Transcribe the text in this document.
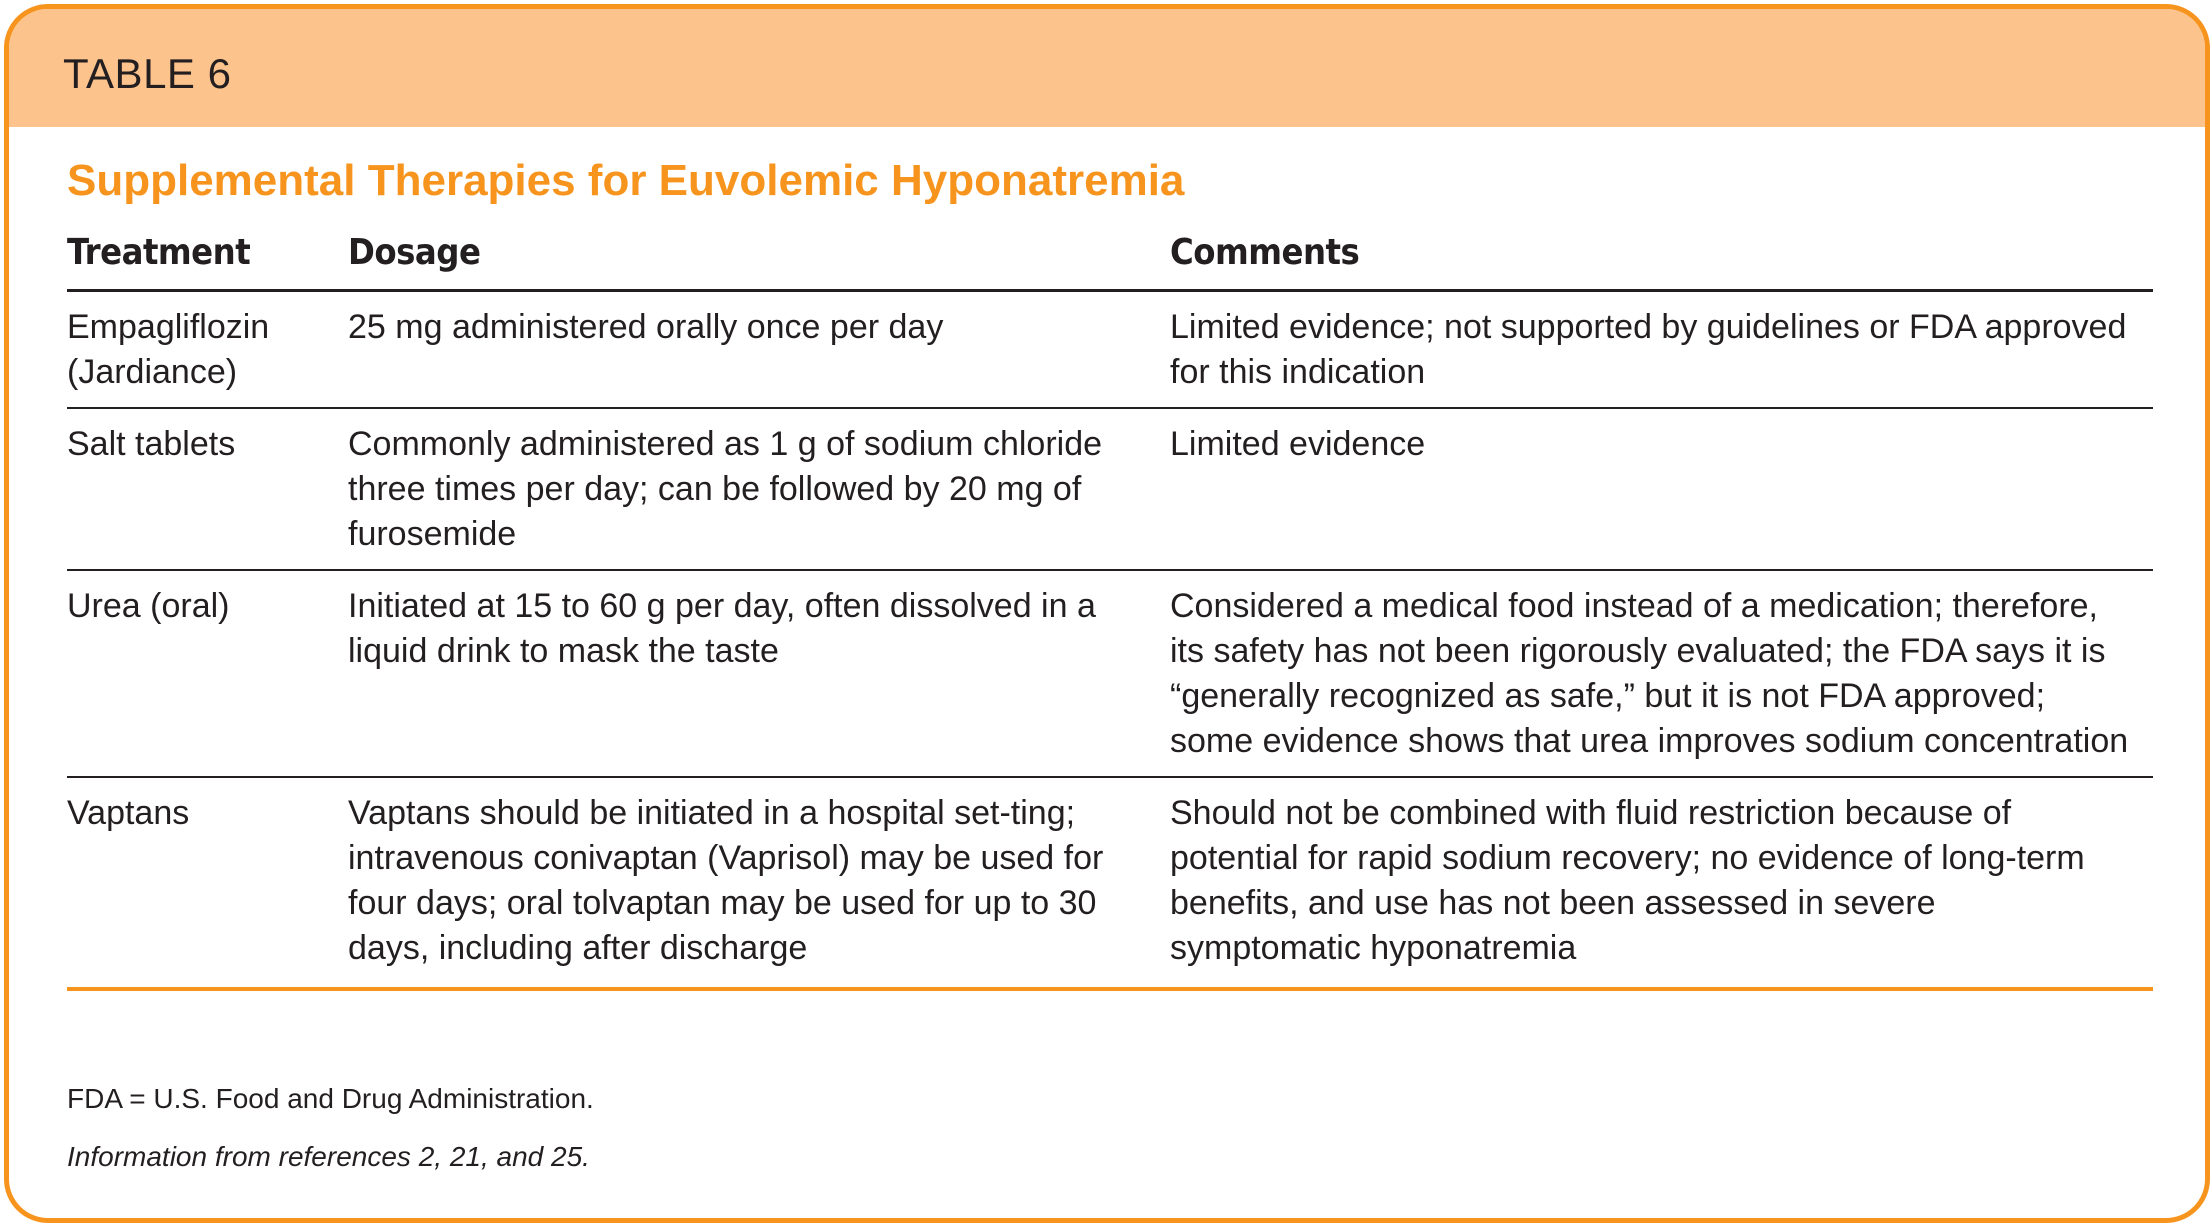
TABLE 6
Supplemental Therapies for Euvolemic Hyponatremia
Treatment	Dosage	Comments
Empagliflozin (Jardiance)	25 mg administered orally once per day	Limited evidence; not supported by guidelines or FDA approved for this indication
Salt tablets	Commonly administered as 1 g of sodium chloride three times per day; can be followed by 20 mg of furosemide	Limited evidence
Urea (oral)	Initiated at 15 to 60 g per day, often dissolved in a liquid drink to mask the taste	Considered a medical food instead of a medication; therefore, its safety has not been rigorously evaluated; the FDA says it is “generally recognized as safe,” but it is not FDA approved; some evidence shows that urea improves sodium concentration
Vaptans	Vaptans should be initiated in a hospital set-ting; intravenous conivaptan (Vaprisol) may be used for four days; oral tolvaptan may be used for up to 30 days, including after discharge	Should not be combined with fluid restriction because of potential for rapid sodium recovery; no evidence of long-term benefits, and use has not been assessed in severe symptomatic hyponatremia

FDA = U.S. Food and Drug Administration.

Information from references 2, 21, and 25.
